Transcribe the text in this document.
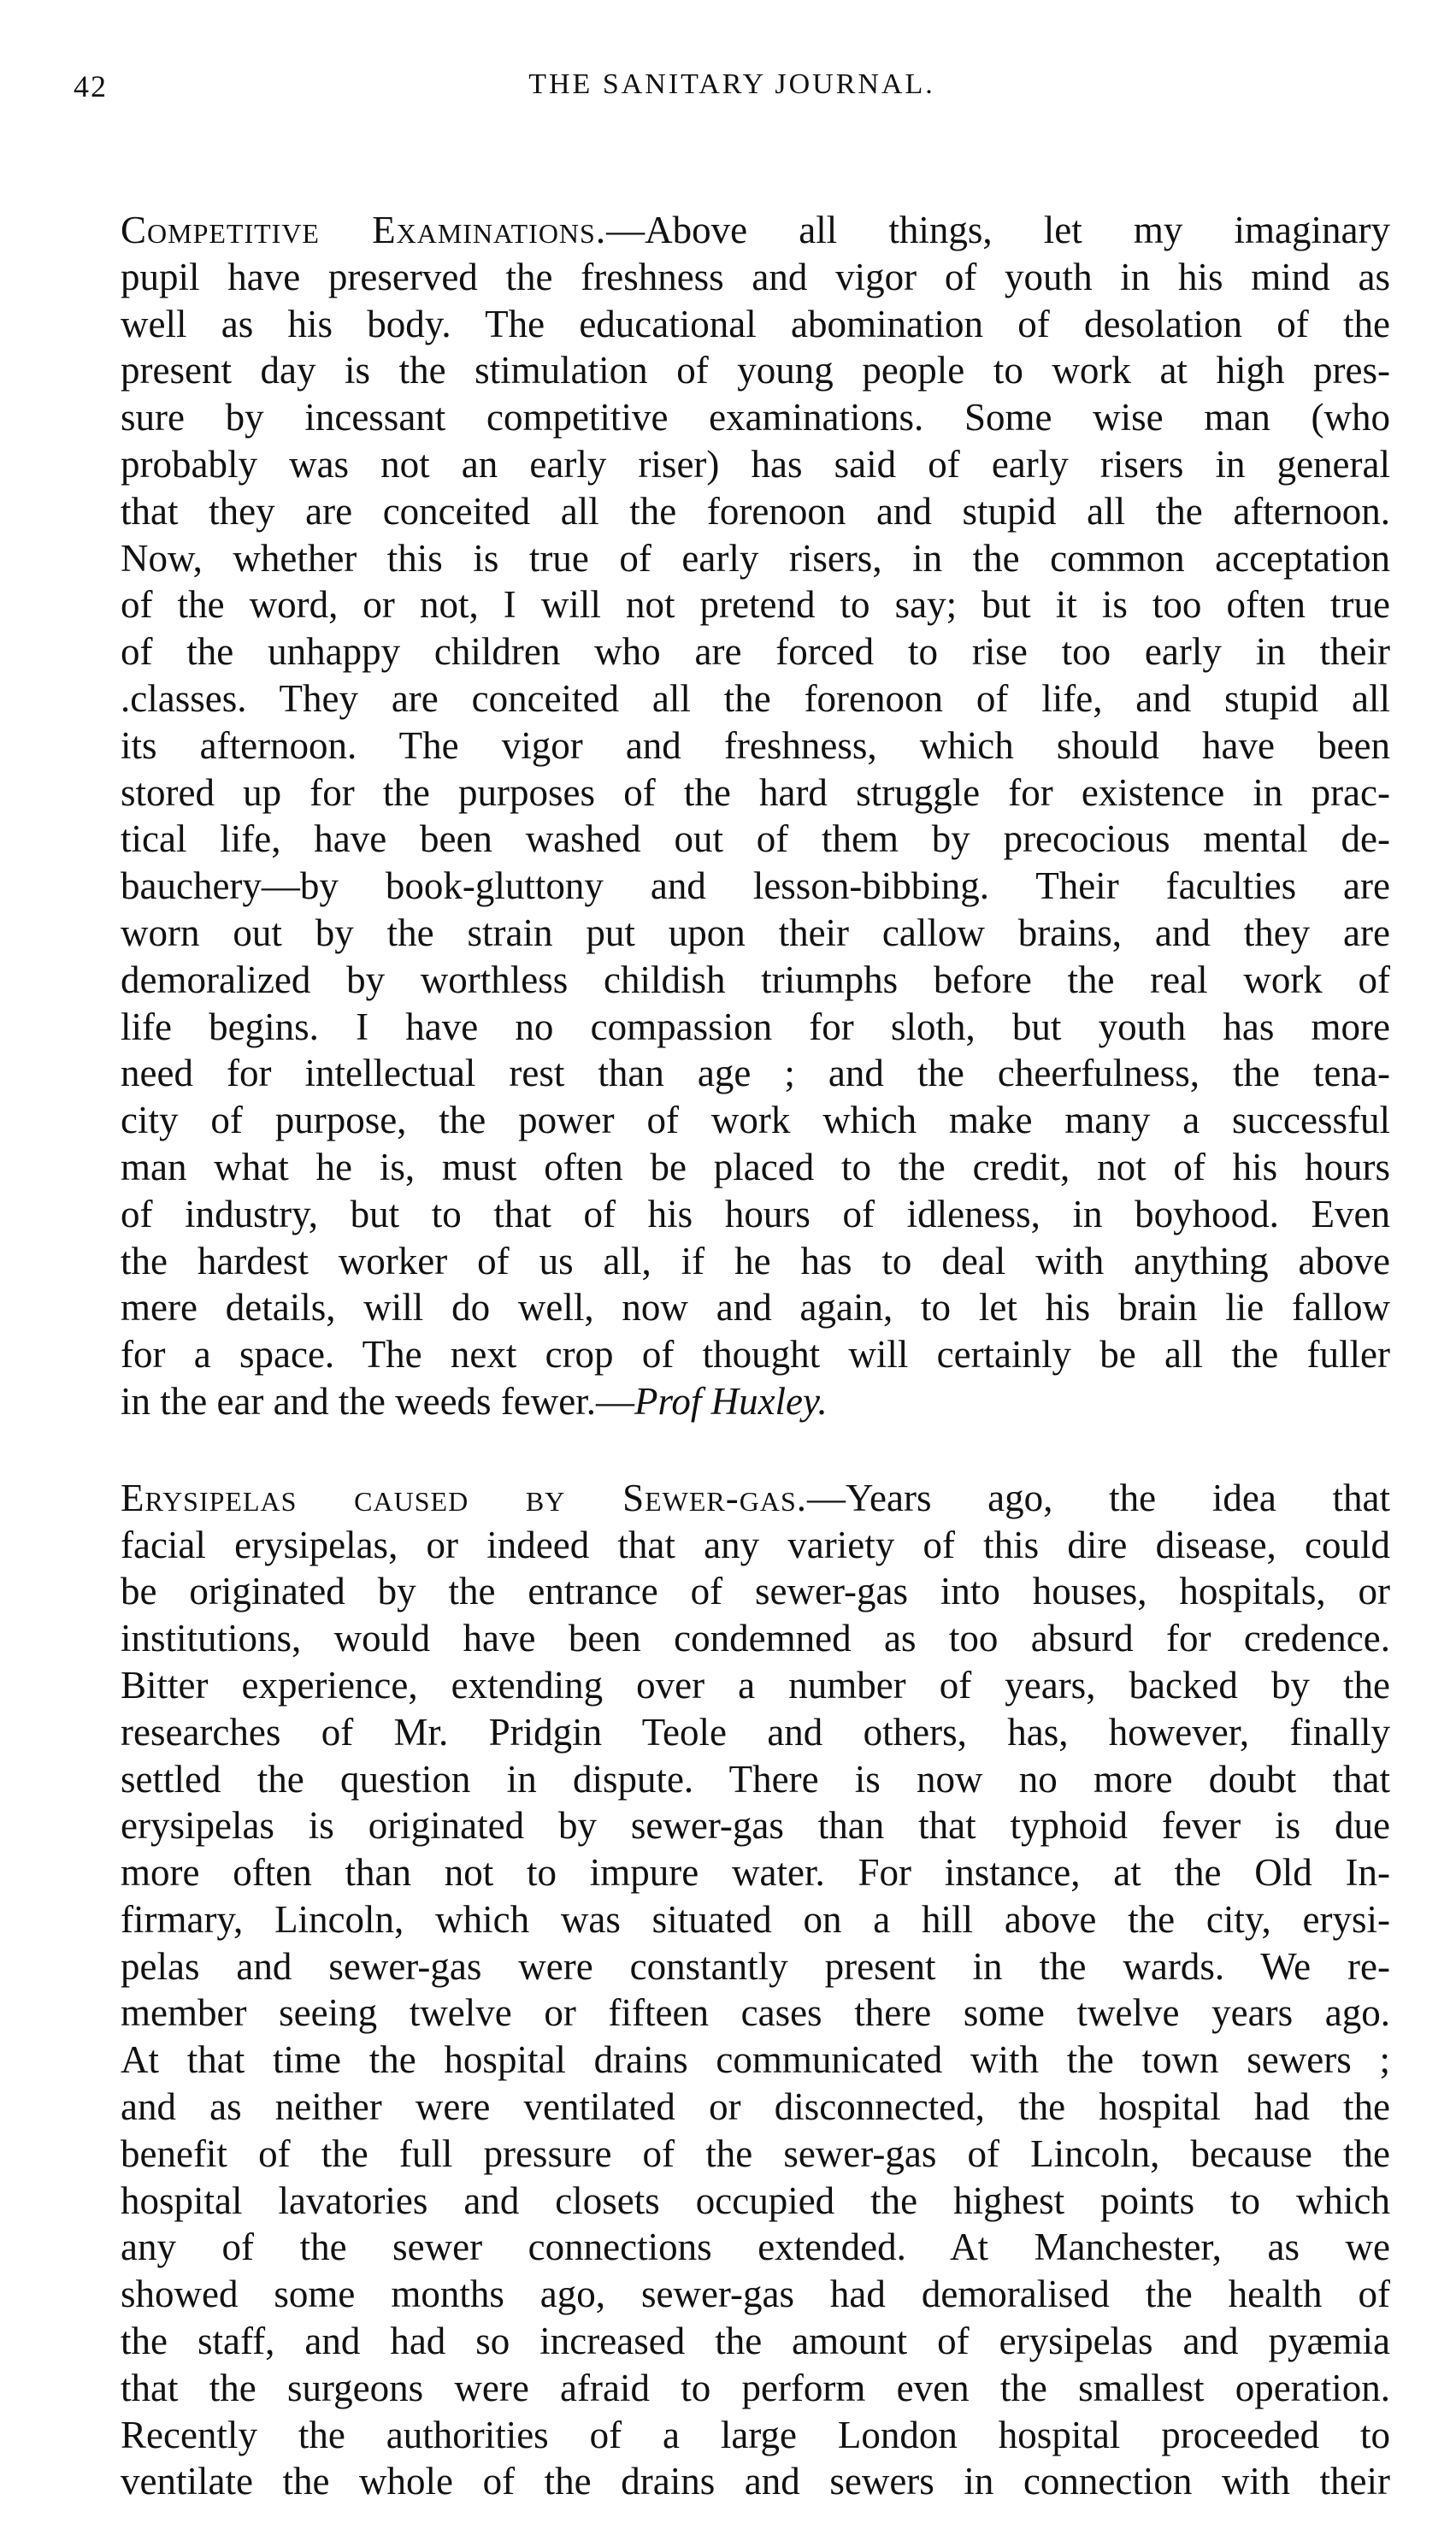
42	THE SANITARY JOURNAL.

Competitive Examinations.—Above all things, let my imaginary
pupil have preserved the freshness and vigor of youth in his mind as
well as his body. The educational abomination of desolation of the
present day is the stimulation of young people to work at high pres-
sure by incessant competitive examinations. Some wise man (who
probably was not an early riser) has said of early risers in general
that they are conceited all the forenoon and stupid all the afternoon.
Now, whether this is true of early risers, in the common acceptation
of the word, or not, I will not pretend to say; but it is too often true
of the unhappy children who are forced to rise too early in their
.classes. They are conceited all the forenoon of life, and stupid all
its afternoon. The vigor and freshness, which should have been
stored up for the purposes of the hard struggle for existence in prac-
tical life, have been washed out of them by precocious mental de-
bauchery—by book-gluttony and lesson-bibbing. Their faculties are
worn out by the strain put upon their callow brains, and they are
demoralized by worthless childish triumphs before the real work of
life begins. I have no compassion for sloth, but youth has more
need for intellectual rest than age ; and the cheerfulness, the tena-
city of purpose, the power of work which make many a successful
man what he is, must often be placed to the credit, not of his hours
of industry, but to that of his hours of idleness, in boyhood. Even
the hardest worker of us all, if he has to deal with anything above
mere details, will do well, now and again, to let his brain lie fallow
for a space. The next crop of thought will certainly be all the fuller
in the ear and the weeds fewer.—Prof Huxley.

Erysipelas caused by Sewer-gas.—Years ago, the idea that
facial erysipelas, or indeed that any variety of this dire disease, could
be originated by the entrance of sewer-gas into houses, hospitals, or
institutions, would have been condemned as too absurd for credence.
Bitter experience, extending over a number of years, backed by the
researches of Mr. Pridgin Teole and others, has, however, finally
settled the question in dispute. There is now no more doubt that
erysipelas is originated by sewer-gas than that typhoid fever is due
more often than not to impure water. For instance, at the Old In-
firmary, Lincoln, which was situated on a hill above the city, erysi-
pelas and sewer-gas were constantly present in the wards. We re-
member seeing twelve or fifteen cases there some twelve years ago.
At that time the hospital drains communicated with the town sewers ;
and as neither were ventilated or disconnected, the hospital had the
benefit of the full pressure of the sewer-gas of Lincoln, because the
hospital lavatories and closets occupied the highest points to which
any of the sewer connections extended. At Manchester, as we
showed some months ago, sewer-gas had demoralised the health of
the staff, and had so increased the amount of erysipelas and pyæmia
that the surgeons were afraid to perform even the smallest operation.
Recently the authorities of a large London hospital proceeded to
ventilate the whole of the drains and sewers in connection with their
